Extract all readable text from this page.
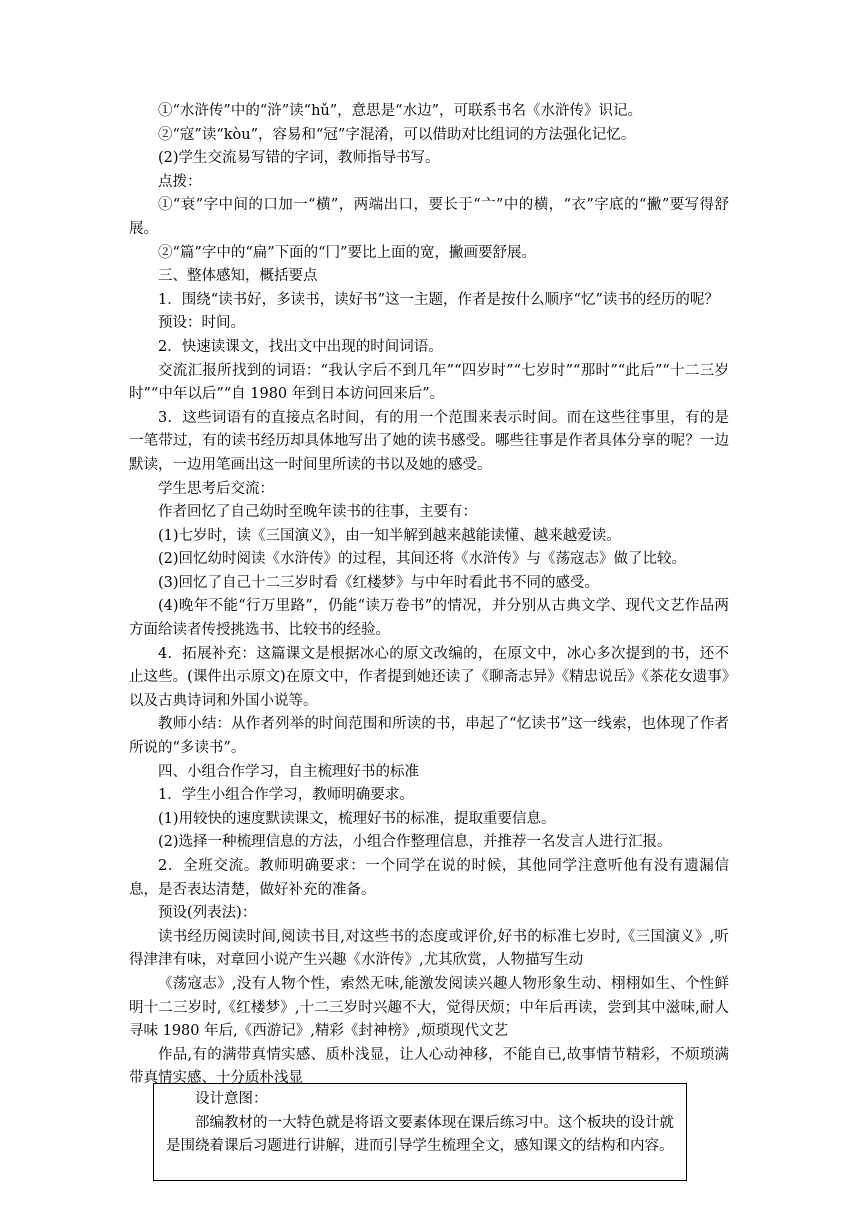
①“水浒传”中的“浒”读“hǔ”，意思是“水边”，可联系书名《水浒传》识记。

②“寇”读“kòu”，容易和“冠”字混淆，可以借助对比组词的方法强化记忆。

(2)学生交流易写错的字词，教师指导书写。

点拨：

①“衰”字中间的口加一“横”，两端出口，要长于“亠”中的横，“衣”字底的“撇”要写得舒展。

②“篇”字中的“扁”下面的“冂”要比上面的宽，撇画要舒展。

三、整体感知，概括要点

1．围绕“读书好，多读书，读好书”这一主题，作者是按什么顺序“忆”读书的经历的呢？

预设：时间。

2．快速读课文，找出文中出现的时间词语。

交流汇报所找到的词语：“我认字后不到几年”“四岁时”“七岁时”“那时”“此后”“十二三岁时”“中年以后”“自 1980 年到日本访问回来后”。

3．这些词语有的直接点名时间，有的用一个范围来表示时间。而在这些往事里，有的是一笔带过，有的读书经历却具体地写出了她的读书感受。哪些往事是作者具体分享的呢？一边默读，一边用笔画出这一时间里所读的书以及她的感受。

学生思考后交流：

作者回忆了自己幼时至晚年读书的往事，主要有：

(1)七岁时，读《三国演义》，由一知半解到越来越能读懂、越来越爱读。

(2)回忆幼时阅读《水浒传》的过程，其间还将《水浒传》与《荡寇志》做了比较。

(3)回忆了自己十二三岁时看《红楼梦》与中年时看此书不同的感受。

(4)晚年不能“行万里路”，仍能“读万卷书”的情况，并分别从古典文学、现代文艺作品两方面给读者传授挑选书、比较书的经验。

4．拓展补充：这篇课文是根据冰心的原文改编的，在原文中，冰心多次提到的书，还不止这些。(课件出示原文)在原文中，作者提到她还读了《聊斋志异》《精忠说岳》《茶花女遗事》以及古典诗词和外国小说等。

教师小结：从作者列举的时间范围和所读的书，串起了“忆读书”这一线索，也体现了作者所说的“多读书”。

四、小组合作学习，自主梳理好书的标准

1．学生小组合作学习，教师明确要求。

(1)用较快的速度默读课文，梳理好书的标准，提取重要信息。

(2)选择一种梳理信息的方法，小组合作整理信息，并推荐一名发言人进行汇报。

2．全班交流。教师明确要求：一个同学在说的时候，其他同学注意听他有没有遗漏信息，是否表达清楚，做好补充的准备。

预设(列表法)：

读书经历阅读时间,阅读书目,对这些书的态度或评价,好书的标准七岁时,《三国演义》,听得津津有味，对章回小说产生兴趣《水浒传》,尤其欣赏，人物描写生动

《荡寇志》,没有人物个性，索然无味,能激发阅读兴趣人物形象生动、栩栩如生、个性鲜明十二三岁时,《红楼梦》,十二三岁时兴趣不大，觉得厌烦；中年后再读，尝到其中滋味,耐人寻味 1980 年后,《西游记》,精彩《封神榜》,烦琐现代文艺

作品,有的满带真情实感、质朴浅显，让人心动神移，不能自已,故事情节精彩，不烦琐满带真情实感、十分质朴浅显

设计意图：

部编教材的一大特色就是将语文要素体现在课后练习中。这个板块的设计就是围绕着课后习题进行讲解，进而引导学生梳理全文，感知课文的结构和内容。
